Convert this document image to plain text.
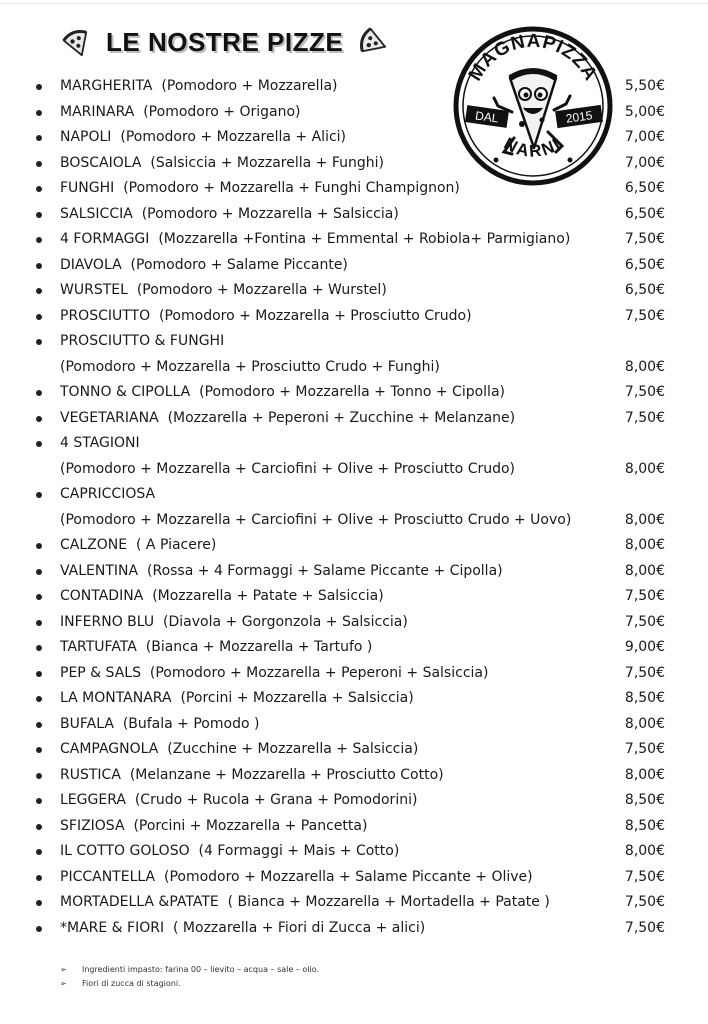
LE NOSTRE PIZZE
MAGNAPIZZA
DAL	2015
NARNI
MARGHERITA (Pomodoro + Mozzarella)	5,50€
MARINARA (Pomodoro + Origano)	5,00€
NAPOLI (Pomodoro + Mozzarella + Alici)	7,00€
BOSCAIOLA (Salsiccia + Mozzarella + Funghi)	7,00€
FUNGHI (Pomodoro + Mozzarella + Funghi Champignon)	6,50€
SALSICCIA (Pomodoro + Mozzarella + Salsiccia)	6,50€
4 FORMAGGI (Mozzarella +Fontina + Emmental + Robiola+ Parmigiano)	7,50€
DIAVOLA (Pomodoro + Salame Piccante)	6,50€
WURSTEL (Pomodoro + Mozzarella + Wurstel)	6,50€
PROSCIUTTO (Pomodoro + Mozzarella + Prosciutto Crudo)	7,50€
PROSCIUTTO & FUNGHI
(Pomodoro + Mozzarella + Prosciutto Crudo + Funghi)	8,00€
TONNO & CIPOLLA (Pomodoro + Mozzarella + Tonno + Cipolla)	7,50€
VEGETARIANA (Mozzarella + Peperoni + Zucchine + Melanzane)	7,50€
4 STAGIONI
(Pomodoro + Mozzarella + Carciofini + Olive + Prosciutto Crudo)	8,00€
CAPRICCIOSA
(Pomodoro + Mozzarella + Carciofini + Olive + Prosciutto Crudo + Uovo)	8,00€
CALZONE ( A Piacere)	8,00€
VALENTINA (Rossa + 4 Formaggi + Salame Piccante + Cipolla)	8,00€
CONTADINA (Mozzarella + Patate + Salsiccia)	7,50€
INFERNO BLU (Diavola + Gorgonzola + Salsiccia)	7,50€
TARTUFATA (Bianca + Mozzarella + Tartufo )	9,00€
PEP & SALS (Pomodoro + Mozzarella + Peperoni + Salsiccia)	7,50€
LA MONTANARA (Porcini + Mozzarella + Salsiccia)	8,50€
BUFALA (Bufala + Pomodo )	8,00€
CAMPAGNOLA (Zucchine + Mozzarella + Salsiccia)	7,50€
RUSTICA (Melanzane + Mozzarella + Prosciutto Cotto)	8,00€
LEGGERA (Crudo + Rucola + Grana + Pomodorini)	8,50€
SFIZIOSA (Porcini + Mozzarella + Pancetta)	8,50€
IL COTTO GOLOSO (4 Formaggi + Mais + Cotto)	8,00€
PICCANTELLA (Pomodoro + Mozzarella + Salame Piccante + Olive)	7,50€
MORTADELLA &PATATE ( Bianca + Mozzarella + Mortadella + Patate )	7,50€
*MARE & FIORI ( Mozzarella + Fiori di Zucca + alici)	7,50€
➢ Ingredienti impasto: farina 00 – lievito – acqua – sale – olio.
➢ Fiori di zucca di stagioni.
